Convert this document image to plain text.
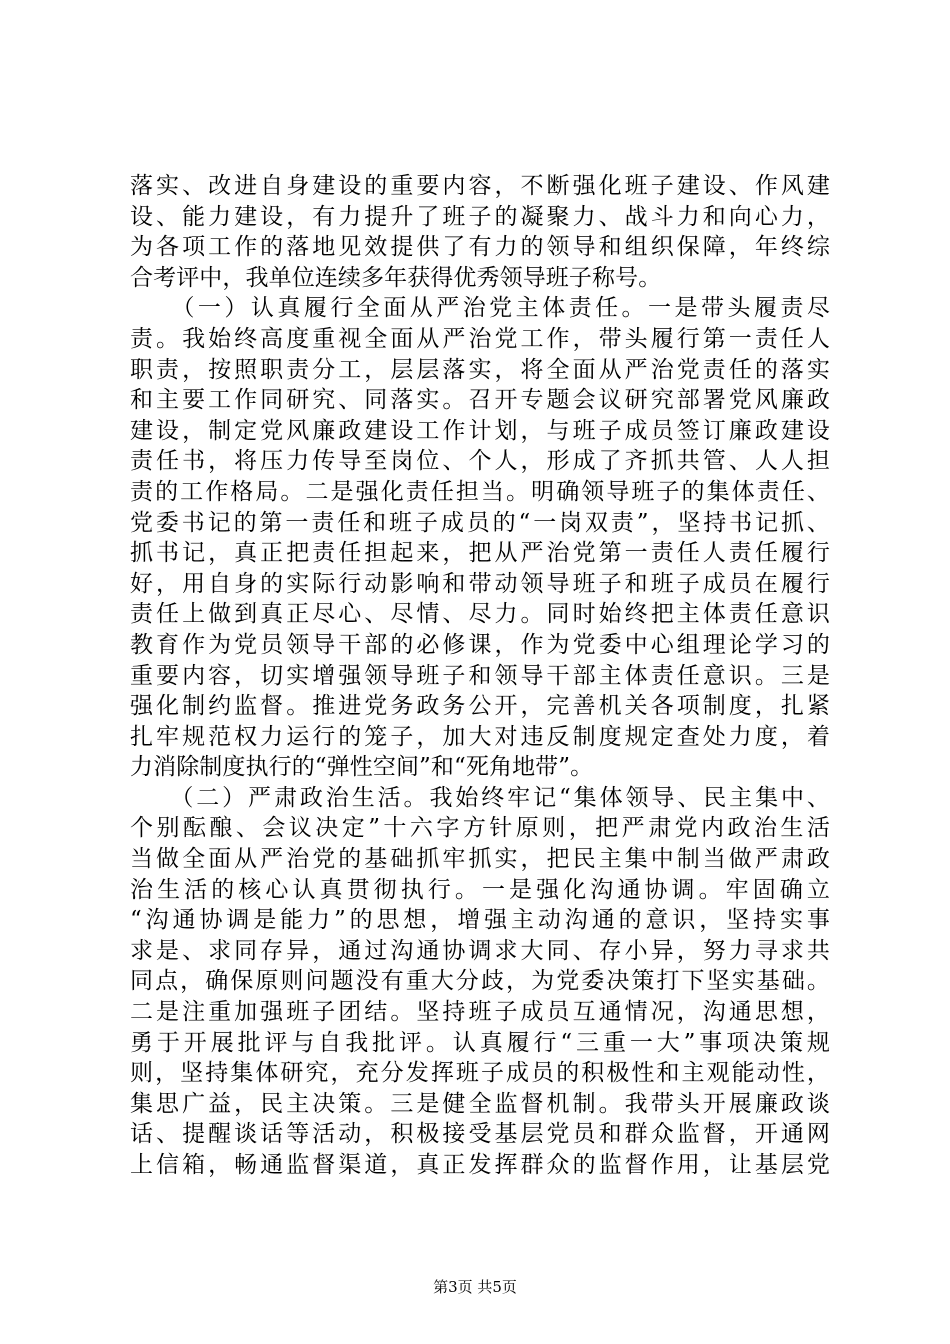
落实、改进自身建设的重要内容，不断强化班子建设、作风建
设、能力建设，有力提升了班子的凝聚力、战斗力和向心力，
为各项工作的落地见效提供了有力的领导和组织保障，年终综
合考评中，我单位连续多年获得优秀领导班子称号。
　　（一）认真履行全面从严治党主体责任。一是带头履责尽
责。我始终高度重视全面从严治党工作，带头履行第一责任人
职责，按照职责分工，层层落实，将全面从严治党责任的落实
和主要工作同研究、同落实。召开专题会议研究部署党风廉政
建设，制定党风廉政建设工作计划，与班子成员签订廉政建设
责任书，将压力传导至岗位、个人，形成了齐抓共管、人人担
责的工作格局。二是强化责任担当。明确领导班子的集体责任、
党委书记的第一责任和班子成员的“一岗双责”，坚持书记抓、
抓书记，真正把责任担起来，把从严治党第一责任人责任履行
好，用自身的实际行动影响和带动领导班子和班子成员在履行
责任上做到真正尽心、尽情、尽力。同时始终把主体责任意识
教育作为党员领导干部的必修课，作为党委中心组理论学习的
重要内容，切实增强领导班子和领导干部主体责任意识。三是
强化制约监督。推进党务政务公开，完善机关各项制度，扎紧
扎牢规范权力运行的笼子，加大对违反制度规定查处力度，着
力消除制度执行的“弹性空间”和“死角地带”。
　　（二）严肃政治生活。我始终牢记“集体领导、民主集中、
个别酝酿、会议决定”十六字方针原则，把严肃党内政治生活
当做全面从严治党的基础抓牢抓实，把民主集中制当做严肃政
治生活的核心认真贯彻执行。一是强化沟通协调。牢固确立
“沟通协调是能力”的思想，增强主动沟通的意识，坚持实事
求是、求同存异，通过沟通协调求大同、存小异，努力寻求共
同点，确保原则问题没有重大分歧，为党委决策打下坚实基础。
二是注重加强班子团结。坚持班子成员互通情况，沟通思想，
勇于开展批评与自我批评。认真履行“三重一大”事项决策规
则，坚持集体研究，充分发挥班子成员的积极性和主观能动性，
集思广益，民主决策。三是健全监督机制。我带头开展廉政谈
话、提醒谈话等活动，积极接受基层党员和群众监督，开通网
上信箱，畅通监督渠道，真正发挥群众的监督作用，让基层党
第3页 共5页
